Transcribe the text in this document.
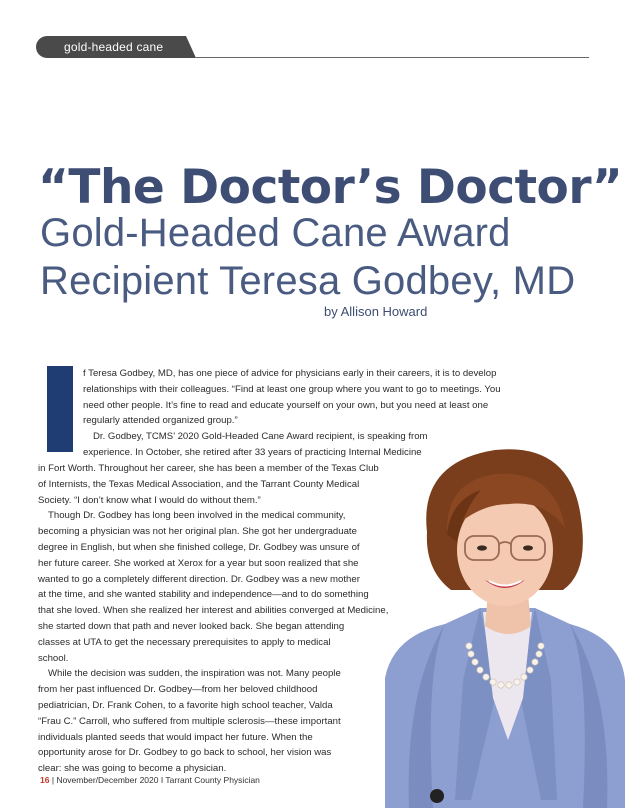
gold-headed cane
“The Doctor’s Doctor”
Gold-Headed Cane Award
Recipient Teresa Godbey, MD
by Allison Howard
f Teresa Godbey, MD, has one piece of advice for physicians early in their careers, it is to develop
relationships with their colleagues. “Find at least one group where you want to go to meetings. You
need other people. It’s fine to read and educate yourself on your own, but you need at least one
regularly attended organized group.”
Dr. Godbey, TCMS’ 2020 Gold-Headed Cane Award recipient, is speaking from
experience. In October, she retired after 33 years of practicing Internal Medicine
in Fort Worth. Throughout her career, she has been a member of the Texas Club
of Internists, the Texas Medical Association, and the Tarrant County Medical
Society. “I don’t know what I would do without them.”
Though Dr. Godbey has long been involved in the medical community,
becoming a physician was not her original plan. She got her undergraduate
degree in English, but when she finished college, Dr. Godbey was unsure of
her future career. She worked at Xerox for a year but soon realized that she
wanted to go a completely different direction. Dr. Godbey was a new mother
at the time, and she wanted stability and independence—and to do something
that she loved. When she realized her interest and abilities converged at Medicine,
she started down that path and never looked back. She began attending
classes at UTA to get the necessary prerequisites to apply to medical
school.
While the decision was sudden, the inspiration was not. Many people
from her past influenced Dr. Godbey—from her beloved childhood
pediatrician, Dr. Frank Cohen, to a favorite high school teacher, Valda
“Frau C.” Carroll, who suffered from multiple sclerosis—these important
individuals planted seeds that would impact her future. When the
opportunity arose for Dr. Godbey to go back to school, her vision was
clear: she was going to become a physician.
16 | November/December 2020 I Tarrant County Physician
